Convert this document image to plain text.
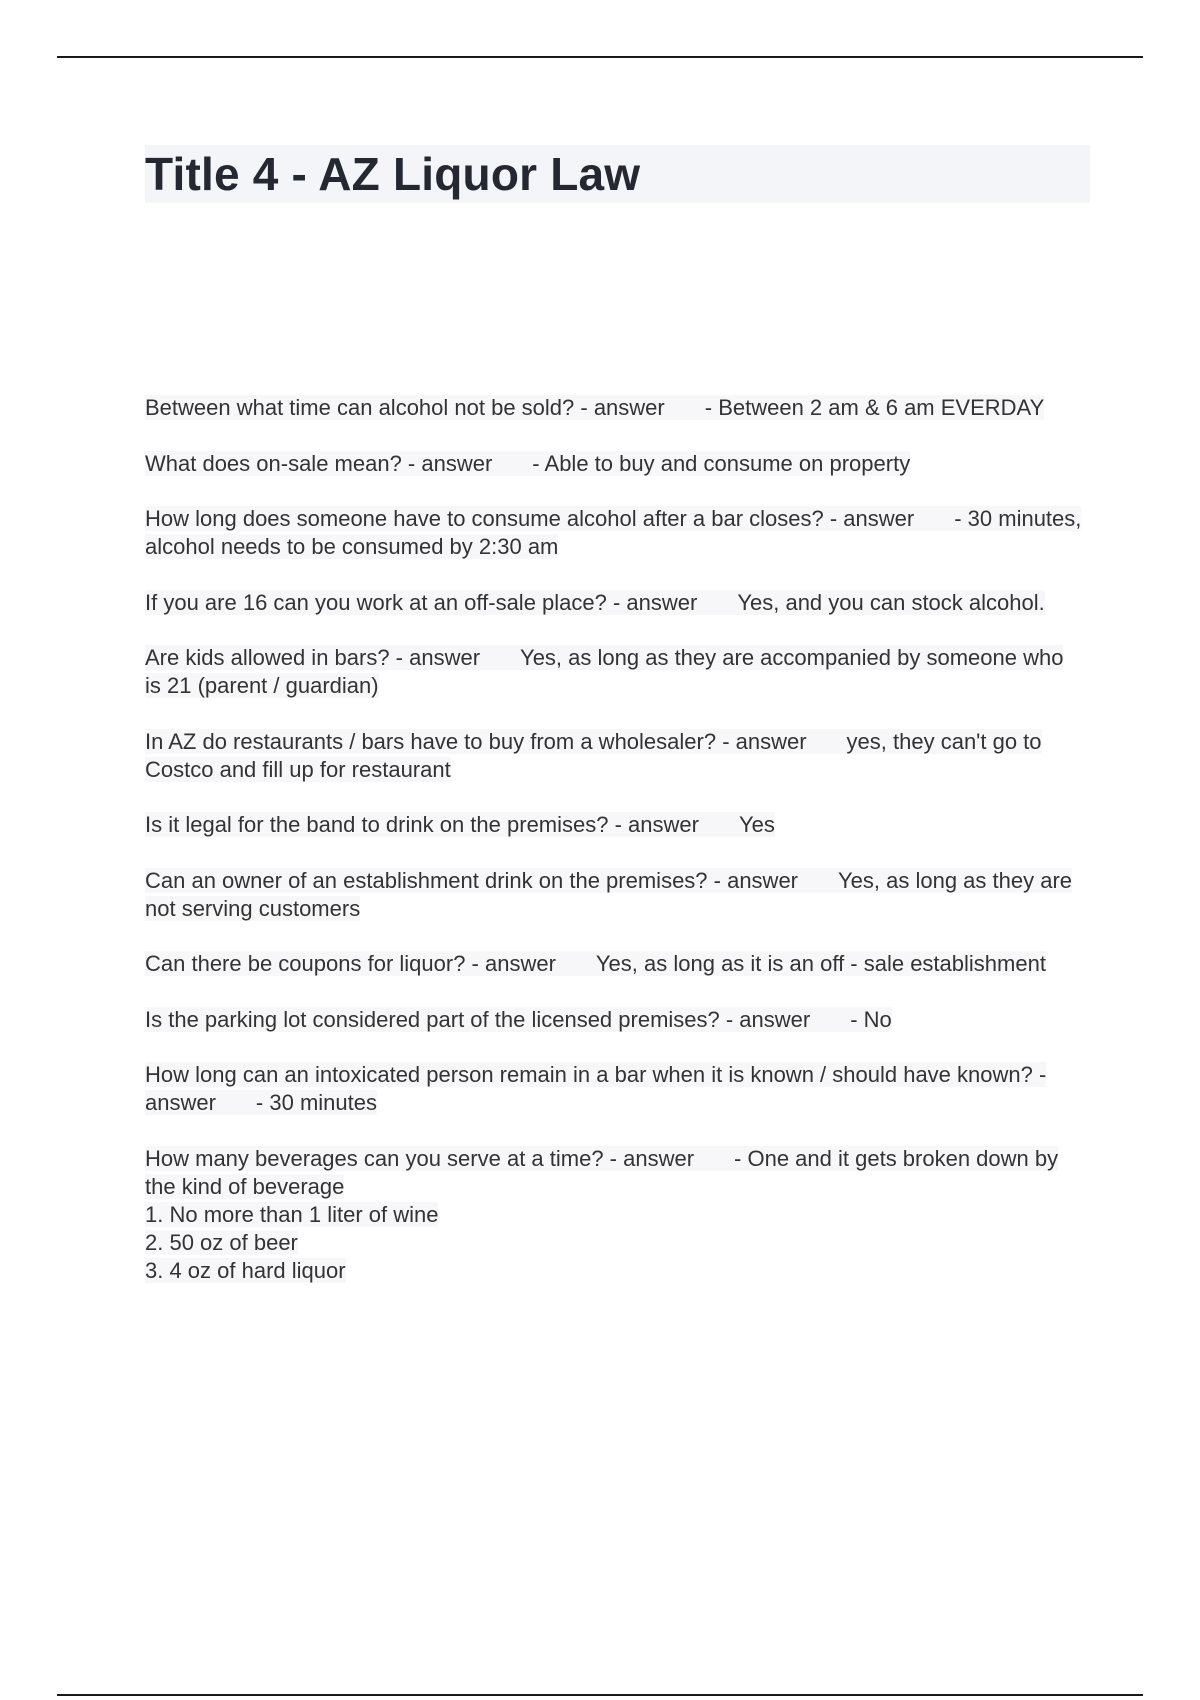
Title 4 - AZ Liquor Law
Between what time can alcohol not be sold? - answer - Between 2 am & 6 am EVERDAY
What does on-sale mean? - answer - Able to buy and consume on property
How long does someone have to consume alcohol after a bar closes? - answer - 30 minutes, alcohol needs to be consumed by 2:30 am
If you are 16 can you work at an off-sale place? - answer Yes, and you can stock alcohol.
Are kids allowed in bars? - answer Yes, as long as they are accompanied by someone who is 21 (parent / guardian)
In AZ do restaurants / bars have to buy from a wholesaler? - answer yes, they can't go to Costco and fill up for restaurant
Is it legal for the band to drink on the premises? - answer Yes
Can an owner of an establishment drink on the premises? - answer Yes, as long as they are not serving customers
Can there be coupons for liquor? - answer Yes, as long as it is an off - sale establishment
Is the parking lot considered part of the licensed premises? - answer - No
How long can an intoxicated person remain in a bar when it is known / should have known? - answer - 30 minutes
How many beverages can you serve at a time? - answer - One and it gets broken down by the kind of beverage
1. No more than 1 liter of wine
2. 50 oz of beer
3. 4 oz of hard liquor
